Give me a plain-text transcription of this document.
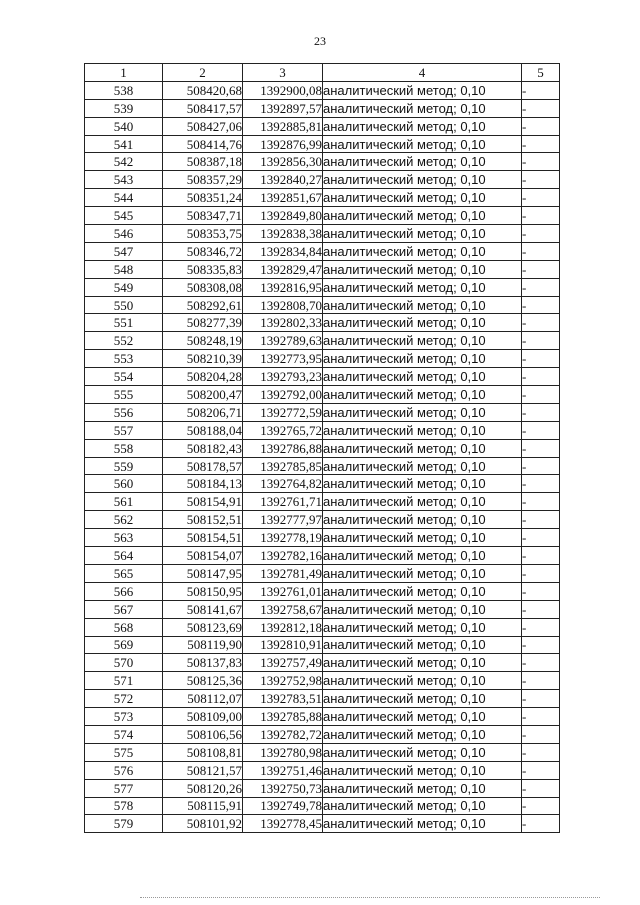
23
1	2	3	4	5
538	508420,68	1392900,08	аналитический метод; 0,10	-
539	508417,57	1392897,57	аналитический метод; 0,10	-
540	508427,06	1392885,81	аналитический метод; 0,10	-
541	508414,76	1392876,99	аналитический метод; 0,10	-
542	508387,18	1392856,30	аналитический метод; 0,10	-
543	508357,29	1392840,27	аналитический метод; 0,10	-
544	508351,24	1392851,67	аналитический метод; 0,10	-
545	508347,71	1392849,80	аналитический метод; 0,10	-
546	508353,75	1392838,38	аналитический метод; 0,10	-
547	508346,72	1392834,84	аналитический метод; 0,10	-
548	508335,83	1392829,47	аналитический метод; 0,10	-
549	508308,08	1392816,95	аналитический метод; 0,10	-
550	508292,61	1392808,70	аналитический метод; 0,10	-
551	508277,39	1392802,33	аналитический метод; 0,10	-
552	508248,19	1392789,63	аналитический метод; 0,10	-
553	508210,39	1392773,95	аналитический метод; 0,10	-
554	508204,28	1392793,23	аналитический метод; 0,10	-
555	508200,47	1392792,00	аналитический метод; 0,10	-
556	508206,71	1392772,59	аналитический метод; 0,10	-
557	508188,04	1392765,72	аналитический метод; 0,10	-
558	508182,43	1392786,88	аналитический метод; 0,10	-
559	508178,57	1392785,85	аналитический метод; 0,10	-
560	508184,13	1392764,82	аналитический метод; 0,10	-
561	508154,91	1392761,71	аналитический метод; 0,10	-
562	508152,51	1392777,97	аналитический метод; 0,10	-
563	508154,51	1392778,19	аналитический метод; 0,10	-
564	508154,07	1392782,16	аналитический метод; 0,10	-
565	508147,95	1392781,49	аналитический метод; 0,10	-
566	508150,95	1392761,01	аналитический метод; 0,10	-
567	508141,67	1392758,67	аналитический метод; 0,10	-
568	508123,69	1392812,18	аналитический метод; 0,10	-
569	508119,90	1392810,91	аналитический метод; 0,10	-
570	508137,83	1392757,49	аналитический метод; 0,10	-
571	508125,36	1392752,98	аналитический метод; 0,10	-
572	508112,07	1392783,51	аналитический метод; 0,10	-
573	508109,00	1392785,88	аналитический метод; 0,10	-
574	508106,56	1392782,72	аналитический метод; 0,10	-
575	508108,81	1392780,98	аналитический метод; 0,10	-
576	508121,57	1392751,46	аналитический метод; 0,10	-
577	508120,26	1392750,73	аналитический метод; 0,10	-
578	508115,91	1392749,78	аналитический метод; 0,10	-
579	508101,92	1392778,45	аналитический метод; 0,10	-
